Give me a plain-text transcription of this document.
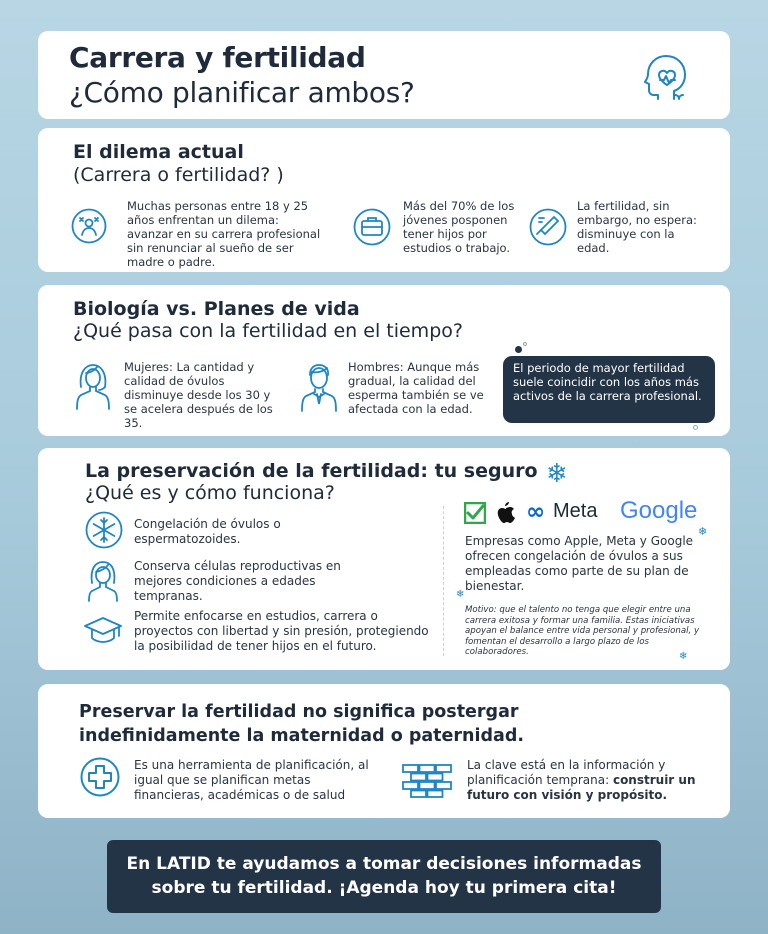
Carrera y fertilidad
¿Cómo planificar ambos?
El dilema actual
(Carrera o fertilidad? )
Muchas personas entre 18 y 25 años enfrentan un dilema: avanzar en su carrera profesional sin renunciar al sueño de ser madre o padre.
Más del 70% de los jóvenes posponen tener hijos por estudios o trabajo.
La fertilidad, sin embargo, no espera: disminuye con la edad.
Biología vs. Planes de vida
¿Qué pasa con la fertilidad en el tiempo?
Mujeres: La cantidad y calidad de óvulos disminuye desde los 30 y se acelera después de los 35.
Hombres: Aunque más gradual, la calidad del esperma también se ve afectada con la edad.
El periodo de mayor fertilidad suele coincidir con los años más activos de la carrera profesional.
La preservación de la fertilidad: tu seguro
¿Qué es y cómo funciona?
❄
Congelación de óvulos o espermatozoides.
Conserva células reproductivas en mejores condiciones a edades tempranas.
Permite enfocarse en estudios, carrera o proyectos con libertad y sin presión, protegiendo la posibilidad de tener hijos en el futuro.
∞ Meta Google
Empresas como Apple, Meta y Google ofrecen congelación de óvulos a sus empleadas como parte de su plan de bienestar.
❄
❄
Motivo: que el talento no tenga que elegir entre una carrera exitosa y formar una familia. Estas iniciativas apoyan el balance entre vida personal y profesional, y fomentan el desarrollo a largo plazo de los colaboradores.	❄
Preservar la fertilidad no significa postergar
indefinidamente la maternidad o paternidad.
Es una herramienta de planificación, al igual que se planifican metas financieras, académicas o de salud
La clave está en la información y planificación temprana: construir un futuro con visión y propósito.
En LATID te ayudamos a tomar decisiones informadas
sobre tu fertilidad. ¡Agenda hoy tu primera cita!
